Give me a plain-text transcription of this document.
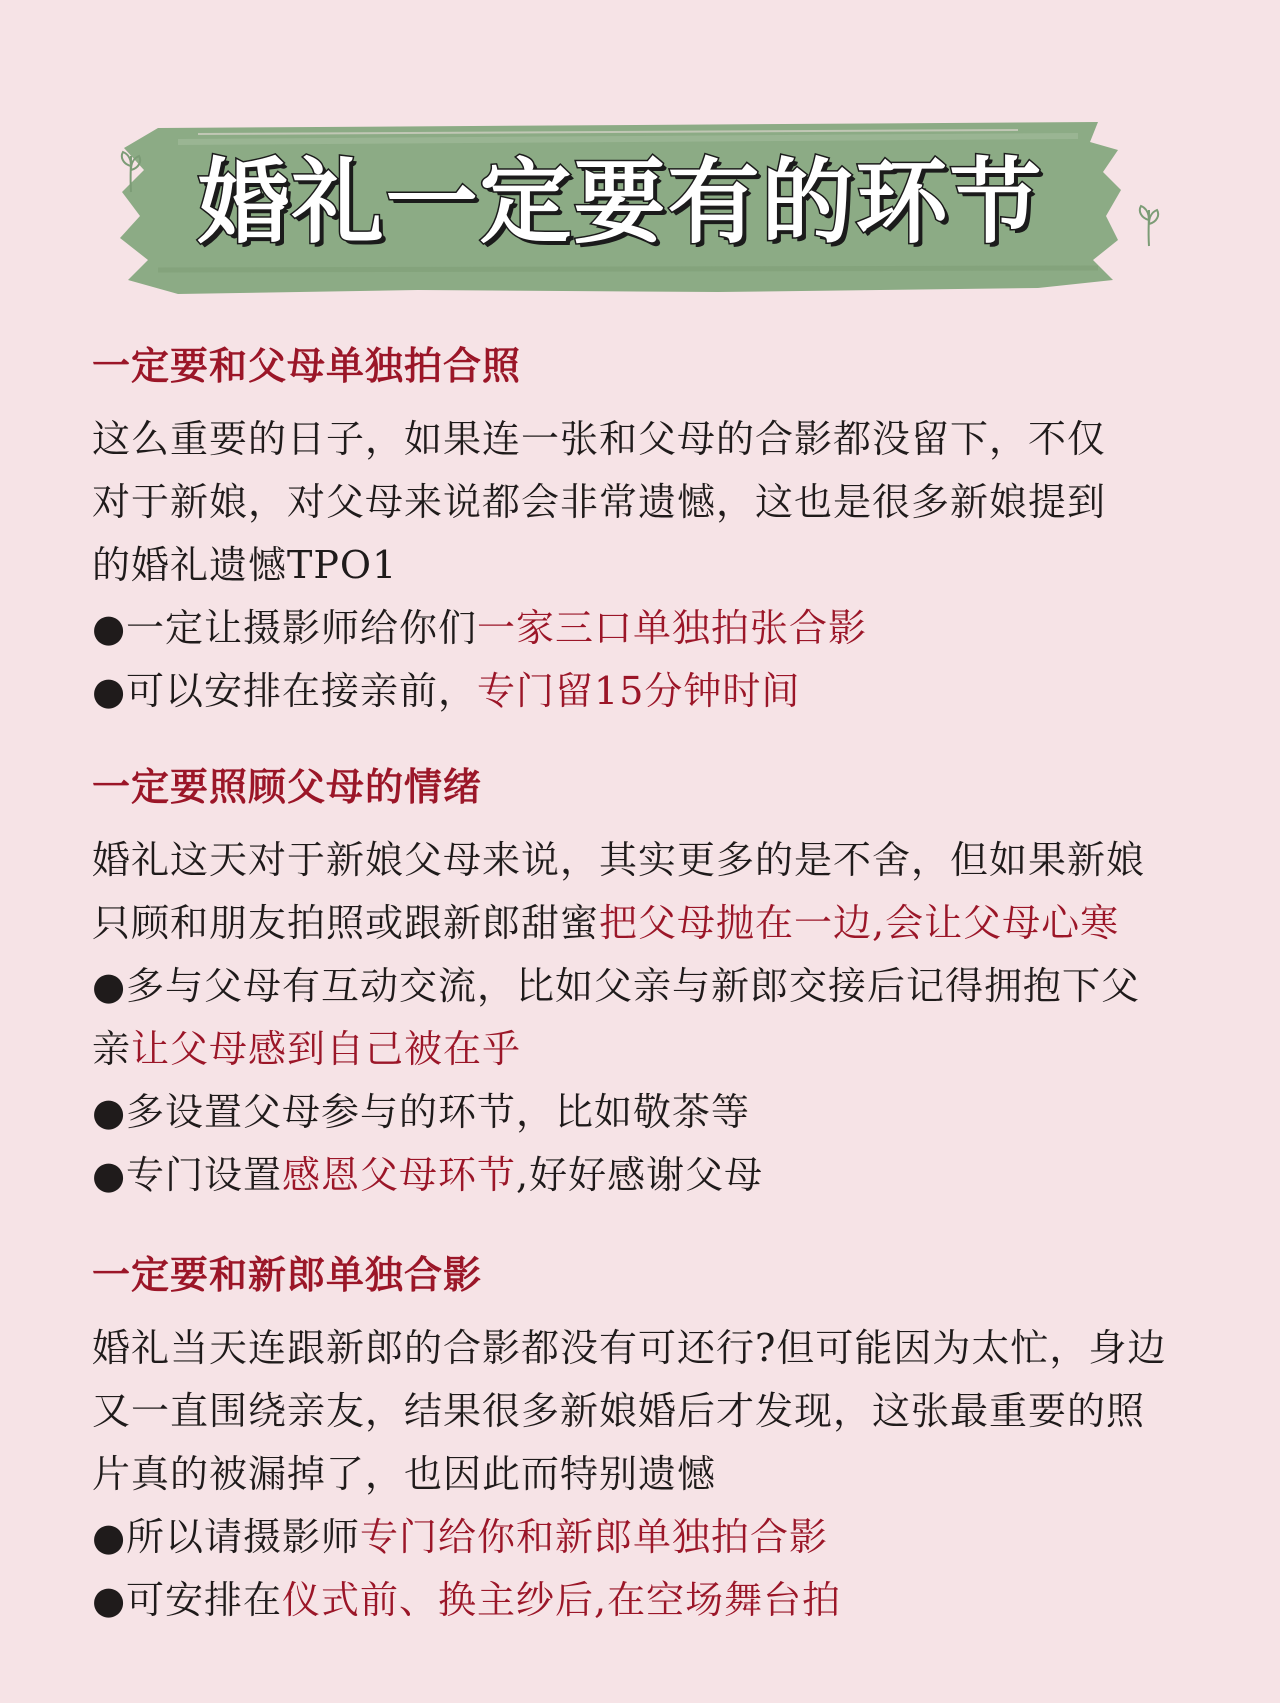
婚礼一定要有的环节
一定要和父母单独拍合照
这么重要的日子，如果连一张和父母的合影都没留下，不仅
对于新娘，对父母来说都会非常遗憾，这也是很多新娘提到
的婚礼遗憾TPO1
●一定让摄影师给你们一家三口单独拍张合影
●可以安排在接亲前，专门留15分钟时间
一定要照顾父母的情绪
婚礼这天对于新娘父母来说，其实更多的是不舍，但如果新娘
只顾和朋友拍照或跟新郎甜蜜把父母抛在一边,会让父母心寒
●多与父母有互动交流，比如父亲与新郎交接后记得拥抱下父
亲让父母感到自己被在乎
●多设置父母参与的环节，比如敬茶等
●专门设置感恩父母环节,好好感谢父母
一定要和新郎单独合影
婚礼当天连跟新郎的合影都没有可还行?但可能因为太忙，身边
又一直围绕亲友，结果很多新娘婚后才发现，这张最重要的照
片真的被漏掉了，也因此而特别遗憾
●所以请摄影师专门给你和新郎单独拍合影
●可安排在仪式前、换主纱后,在空场舞台拍
